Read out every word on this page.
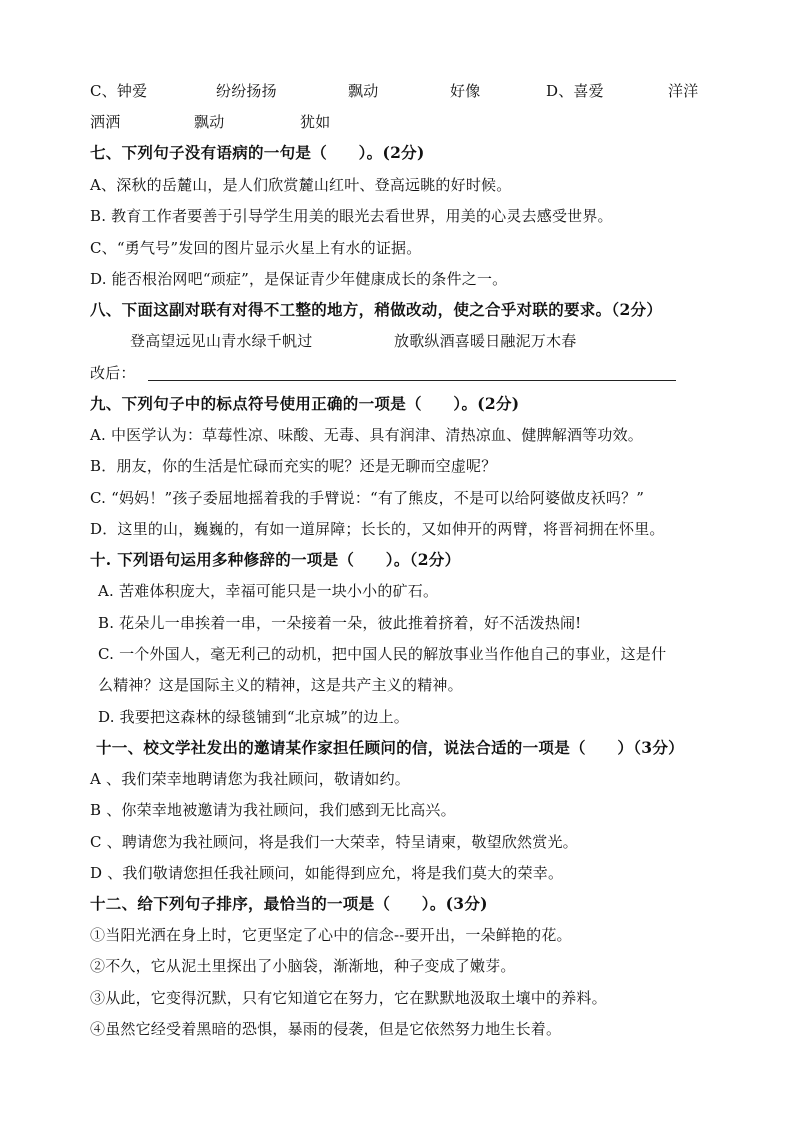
C、钟爱	纷纷扬扬	飘动	好像	D、喜爱	洋洋
洒洒	飘动	犹如
七、下列句子没有语病的一句是（　　）。(2分)
A、深秋的岳麓山，是人们欣赏麓山红叶、登高远眺的好时候。
B. 教育工作者要善于引导学生用美的眼光去看世界，用美的心灵去感受世界。
C、“勇气号”发回的图片显示火星上有水的证据。
D. 能否根治网吧“顽症”，是保证青少年健康成长的条件之一。
八、下面这副对联有对得不工整的地方，稍做改动，使之合乎对联的要求。（2分）
登高望远见山青水绿千帆过	放歌纵酒喜暖日融泥万木春
改后：
九、下列句子中的标点符号使用正确的一项是（　　）。(2分)
A. 中医学认为：草莓性凉、味酸、无毒、具有润津、清热凉血、健脾解酒等功效。
B．朋友，你的生活是忙碌而充实的呢？还是无聊而空虚呢？
C. “妈妈！”孩子委屈地摇着我的手臂说：“有了熊皮，不是可以给阿婆做皮袄吗？”
D．这里的山，巍巍的，有如一道屏障；长长的，又如伸开的两臂，将晋祠拥在怀里。
十. 下列语句运用多种修辞的一项是（　　）。（2分）
A. 苦难体积庞大，幸福可能只是一块小小的矿石。
B. 花朵儿一串挨着一串，一朵接着一朵，彼此推着挤着，好不活泼热闹!
C. 一个外国人，毫无利己的动机，把中国人民的解放事业当作他自己的事业，这是什
么精神？这是国际主义的精神，这是共产主义的精神。
D. 我要把这森林的绿毯铺到“北京城”的边上。
十一、校文学社发出的邀请某作家担任顾问的信，说法合适的一项是（　　）（3分）
A 、我们荣幸地聘请您为我社顾问，敬请如约。
B 、你荣幸地被邀请为我社顾问，我们感到无比高兴。
C 、聘请您为我社顾问，将是我们一大荣幸，特呈请柬，敬望欣然赏光。
D 、我们敬请您担任我社顾问，如能得到应允，将是我们莫大的荣幸。
十二、给下列句子排序，最恰当的一项是（　　）。(3分)
①当阳光洒在身上时，它更坚定了心中的信念--要开出，一朵鲜艳的花。
②不久，它从泥土里探出了小脑袋，渐渐地，种子变成了嫩芽。
③从此，它变得沉默，只有它知道它在努力，它在默默地汲取土壤中的养料。
④虽然它经受着黑暗的恐惧，暴雨的侵袭，但是它依然努力地生长着。
